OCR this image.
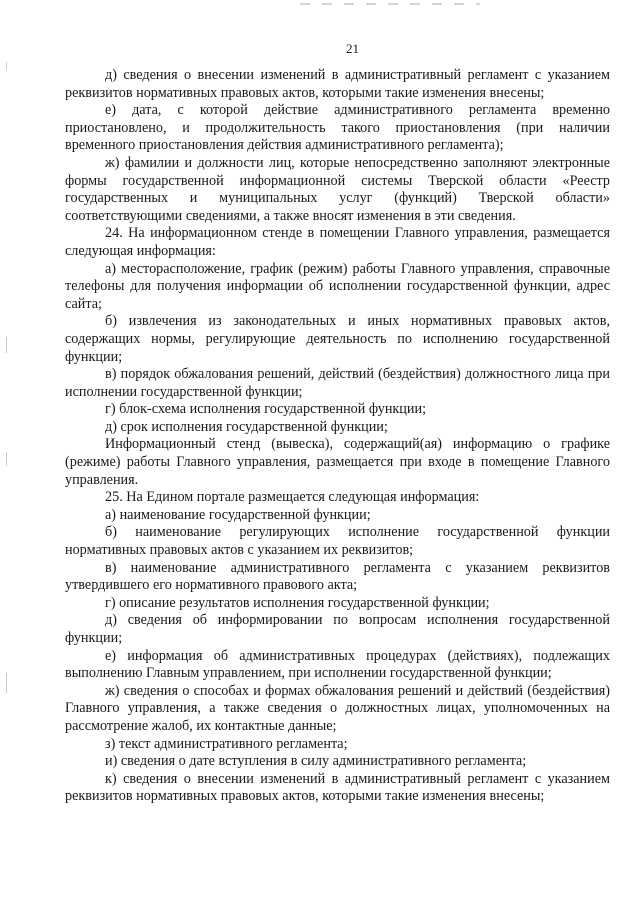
21

д) сведения о внесении изменений в административный регламент с указанием реквизитов нормативных правовых актов, которыми такие изменения внесены;

е) дата, с которой действие административного регламента временно приостановлено, и продолжительность такого приостановления (при наличии временного приостановления действия административного регламента);

ж) фамилии и должности лиц, которые непосредственно заполняют электронные формы государственной информационной системы Тверской области «Реестр государственных и муниципальных услуг (функций) Тверской области» соответствующими сведениями, а также вносят изменения в эти сведения.

24. На информационном стенде в помещении Главного управления, размещается следующая информация:

а) месторасположение, график (режим) работы Главного управления, справочные телефоны для получения информации об исполнении государственной функции, адрес сайта;

б) извлечения из законодательных и иных нормативных правовых актов, содержащих нормы, регулирующие деятельность по исполнению государственной функции;

в) порядок обжалования решений, действий (бездействия) должностного лица при исполнении государственной функции;

г) блок-схема исполнения государственной функции;

д) срок исполнения государственной функции;

Информационный стенд (вывеска), содержащий(ая) информацию о графике (режиме) работы Главного управления, размещается при входе в помещение Главного управления.

25. На Едином портале размещается следующая информация:

а) наименование государственной функции;

б) наименование регулирующих исполнение государственной функции нормативных правовых актов с указанием их реквизитов;

в) наименование административного регламента с указанием реквизитов утвердившего его нормативного правового акта;

г) описание результатов исполнения государственной функции;

д) сведения об информировании по вопросам исполнения государственной функции;

е) информация об административных процедурах (действиях), подлежащих выполнению Главным управлением, при исполнении государственной функции;

ж) сведения о способах и формах обжалования решений и действий (бездействия) Главного управления, а также сведения о должностных лицах, уполномоченных на рассмотрение жалоб, их контактные данные;

з) текст административного регламента;

и) сведения о дате вступления в силу административного регламента;

к) сведения о внесении изменений в административный регламент с указанием реквизитов нормативных правовых актов, которыми такие изменения внесены;
